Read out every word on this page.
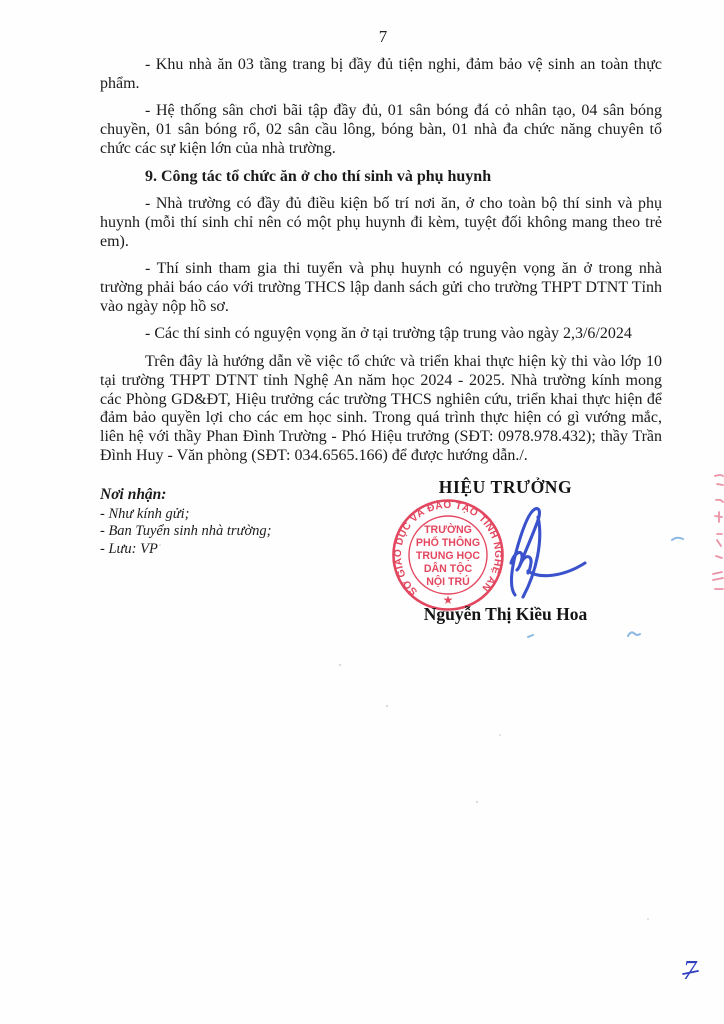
7

- Khu nhà ăn 03 tầng trang bị đầy đủ tiện nghi, đảm bảo vệ sinh an toàn thực phẩm.

- Hệ thống sân chơi bãi tập đầy đủ, 01 sân bóng đá cỏ nhân tạo, 04 sân bóng chuyền, 01 sân bóng rổ, 02 sân cầu lông, bóng bàn, 01 nhà đa chức năng chuyên tổ chức các sự kiện lớn của nhà trường.

9. Công tác tổ chức ăn ở cho thí sinh và phụ huynh

- Nhà trường có đầy đủ điều kiện bố trí nơi ăn, ở cho toàn bộ thí sinh và phụ huynh (mỗi thí sinh chỉ nên có một phụ huynh đi kèm, tuyệt đối không mang theo trẻ em).

- Thí sinh tham gia thi tuyển và phụ huynh có nguyện vọng ăn ở trong nhà trường phải báo cáo với trường THCS lập danh sách gửi cho trường THPT DTNT Tỉnh vào ngày nộp hồ sơ.

- Các thí sinh có nguyện vọng ăn ở tại trường tập trung vào ngày 2,3/6/2024

Trên đây là hướng dẫn về việc tổ chức và triển khai thực hiện kỳ thi vào lớp 10 tại trường THPT DTNT tỉnh Nghệ An năm học 2024 - 2025. Nhà trường kính mong các Phòng GD&ĐT, Hiệu trưởng các trường THCS nghiên cứu, triển khai thực hiện để đảm bảo quyền lợi cho các em học sinh. Trong quá trình thực hiện có gì vướng mắc, liên hệ với thầy Phan Đình Trường - Phó Hiệu trưởng (SĐT: 0978.978.432); thầy Trần Đình Huy - Văn phòng (SĐT: 034.6565.166) để được hướng dẫn./.

Nơi nhận:
- Như kính gửi;
- Ban Tuyển sinh nhà trường;
- Lưu: VP
HIỆU TRƯỞNG
SỞ GIÁO DỤC VÀ ĐÀO TẠO TỈNH NGHỆ AN
TRƯỜNG
PHỔ THÔNG
TRUNG HỌC
DÂN TỘC
NỘI TRÚ
★
Nguyễn Thị Kiều Hoa
7
